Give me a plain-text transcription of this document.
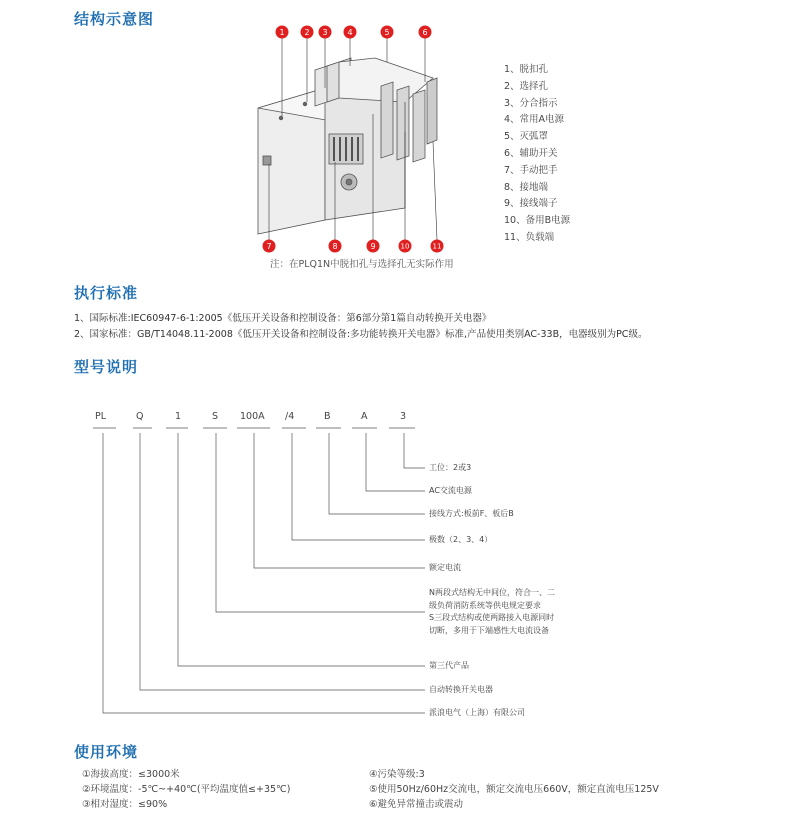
结构示意图
执行标准
型号说明
使用环境
1 2 3 4	5	6
7	8	9	10	11
注：在PLQ1N中脱扣孔与选择孔无实际作用
1、脱扣孔
2、选择孔
3、分合指示
4、常用A电源
5、灭弧罩
6、辅助开关
7、手动把手
8、接地端
9、接线端子
10、备用B电源
11、负载端
1、国际标准:IEC60947-6-1:2005《低压开关设备和控制设备：第6部分第1篇自动转换开关电器》
2、国家标准：GB/T14048.11-2008《低压开关设备和控制设备:多功能转换开关电器》标准,产品使用类别AC-33B，电器级别为PC级。
PL	Q	1	S 100A /4	B	A	3
工位：2或3
AC交流电源
接线方式:板前F、板后B
极数（2、3、4）
额定电流
N两段式结构无中间位，符合一、二
级负荷消防系统等供电规定要求
S三段式结构或使两路接入电源同时
切断，多用于下端感性大电流设备
第三代产品
自动转换开关电器
派浪电气（上海）有限公司
①海拔高度：≤3000米
②环境温度：-5℃~+40℃(平均温度值≤+35℃)
③相对湿度：≤90%
④污染等级:3
⑤使用50Hz/60Hz交流电，额定交流电压660V，额定直流电压125V
⑥避免异常撞击或震动
